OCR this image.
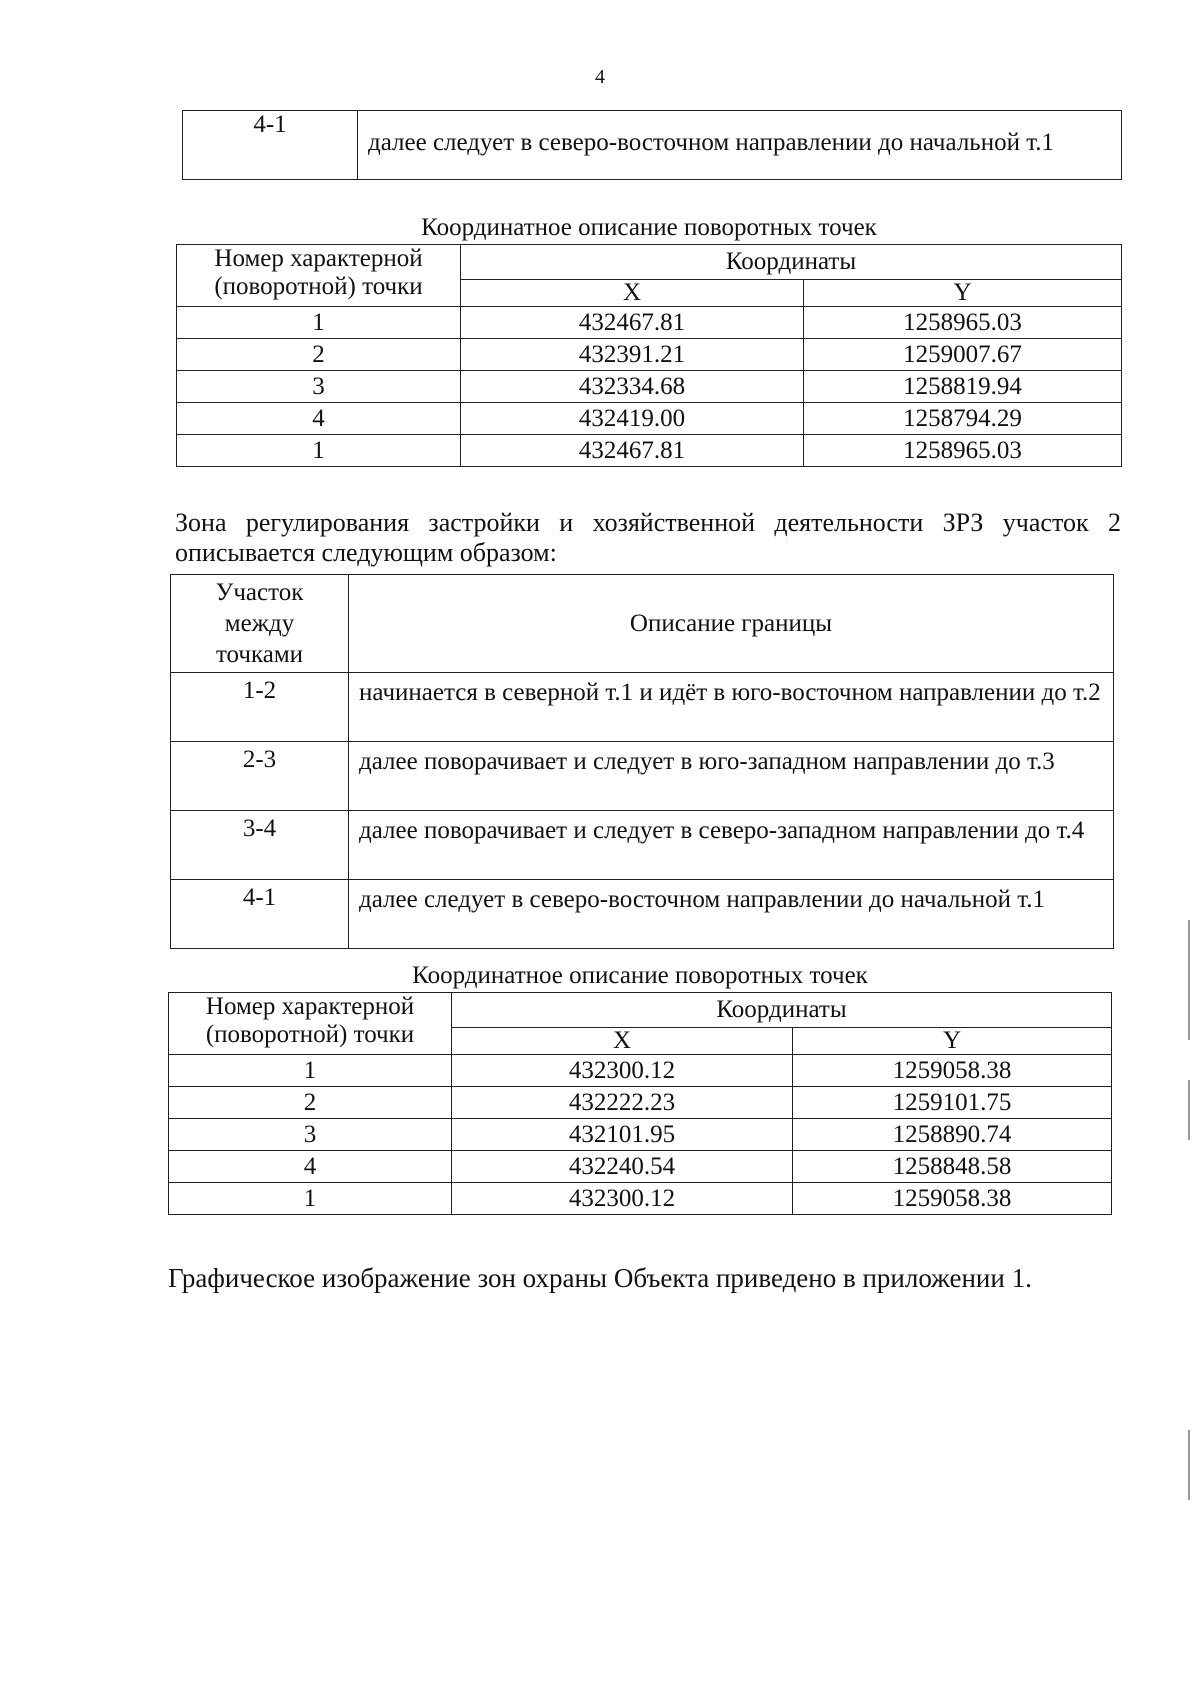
4
4-1	далее следует в северо-восточном направлении до начальной т.1
Координатное описание поворотных точек
Номер характерной (поворотной) точки	Координаты	
	X	Y
1	432467.81	1258965.03
2	432391.21	1259007.67
3	432334.68	1258819.94
4	432419.00	1258794.29
1	432467.81	1258965.03
Зона регулирования застройки и хозяйственной деятельности ЗРЗ участок 2 описывается следующим образом:
Участок между точками	Описание границы
1-2	начинается в северной т.1 и идёт в юго-восточном направлении до т.2
2-3	далее поворачивает и следует в юго-западном направлении до т.3
3-4	далее поворачивает и следует в северо-западном направлении до т.4
4-1	далее следует в северо-восточном направлении до начальной т.1
Координатное описание поворотных точек
Номер характерной (поворотной) точки	Координаты	
	X	Y
1	432300.12	1259058.38
2	432222.23	1259101.75
3	432101.95	1258890.74
4	432240.54	1258848.58
1	432300.12	1259058.38
Графическое изображение зон охраны Объекта приведено в приложении 1.
